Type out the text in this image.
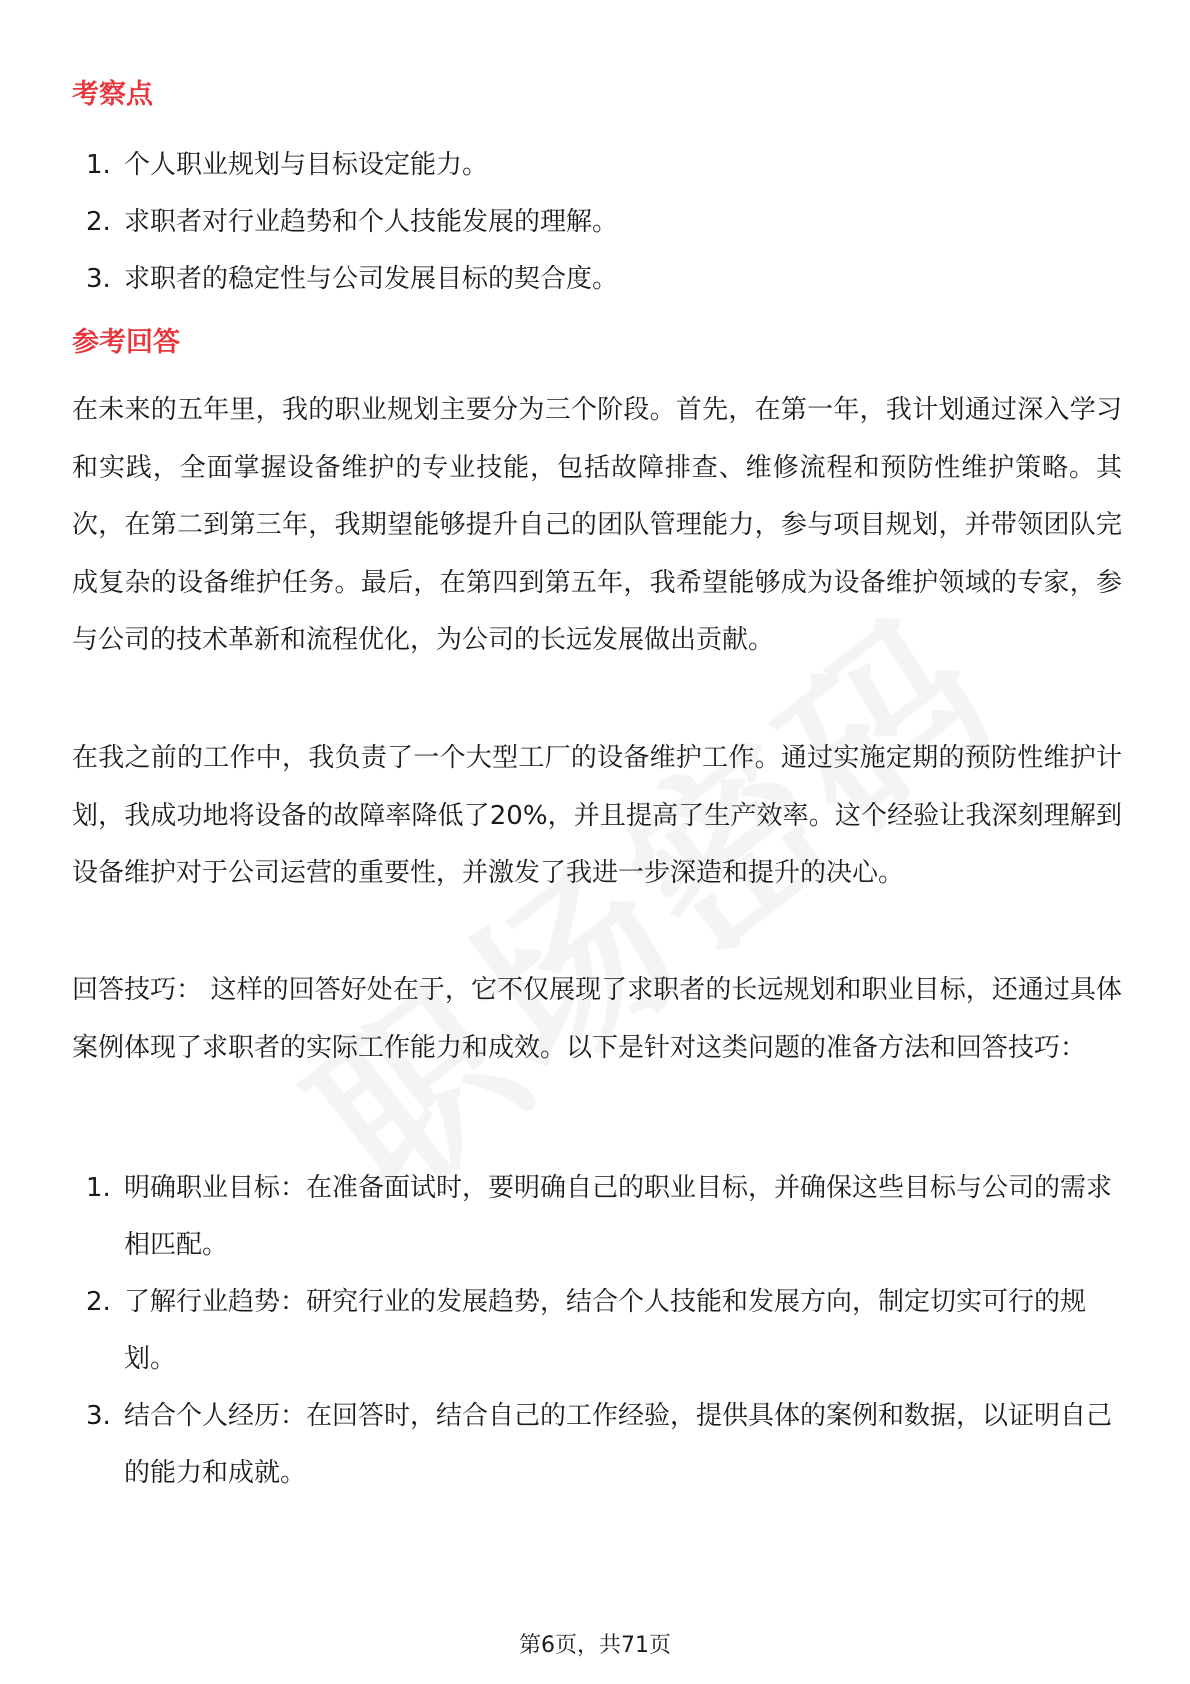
考察点
1. 个人职业规划与目标设定能力。
2. 求职者对行业趋势和个人技能发展的理解。
3. 求职者的稳定性与公司发展目标的契合度。
参考回答

在未来的五年里，我的职业规划主要分为三个阶段。首先，在第一年，我计划通过深入学习和实践，全面掌握设备维护的专业技能，包括故障排查、维修流程和预防性维护策略。其次，在第二到第三年，我期望能够提升自己的团队管理能力，参与项目规划，并带领团队完成复杂的设备维护任务。最后，在第四到第五年，我希望能够成为设备维护领域的专家，参与公司的技术革新和流程优化，为公司的长远发展做出贡献。

在我之前的工作中，我负责了一个大型工厂的设备维护工作。通过实施定期的预防性维护计划，我成功地将设备的故障率降低了20%，并且提高了生产效率。这个经验让我深刻理解到设备维护对于公司运营的重要性，并激发了我进一步深造和提升的决心。

回答技巧： 这样的回答好处在于，它不仅展现了求职者的长远规划和职业目标，还通过具体案例体现了求职者的实际工作能力和成效。以下是针对这类问题的准备方法和回答技巧：

1. 明确职业目标：在准备面试时，要明确自己的职业目标，并确保这些目标与公司的需求相匹配。
2. 了解行业趋势：研究行业的发展趋势，结合个人技能和发展方向，制定切实可行的规划。
3. 结合个人经历：在回答时，结合自己的工作经验，提供具体的案例和数据，以证明自己的能力和成就。
第6页，共71页
